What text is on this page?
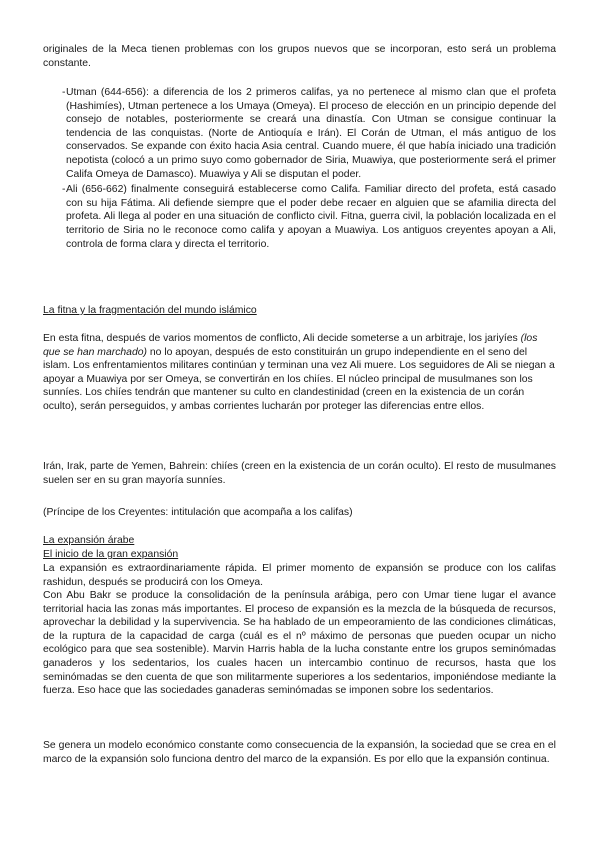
originales de la Meca tienen problemas con los grupos nuevos que se incorporan, esto será un problema constante.

- Utman (644-656): a diferencia de los 2 primeros califas, ya no pertenece al mismo clan que el profeta (Hashimíes), Utman pertenece a los Umaya (Omeya). El proceso de elección en un principio depende del consejo de notables, posteriormente se creará una dinastía. Con Utman se consigue continuar la tendencia de las conquistas. (Norte de Antioquía e Irán). El Corán de Utman, el más antiguo de los conservados. Se expande con éxito hacia Asia central. Cuando muere, él que había iniciado una tradición nepotista (colocó a un primo suyo como gobernador de Siria, Muawiya, que posteriormente será el primer Califa Omeya de Damasco). Muawiya y Ali se disputan el poder.
- Ali (656-662) finalmente conseguirá establecerse como Califa. Familiar directo del profeta, está casado con su hija Fátima. Ali defiende siempre que el poder debe recaer en alguien que se afamilia directa del profeta. Ali llega al poder en una situación de conflicto civil. Fitna, guerra civil, la población localizada en el territorio de Siria no le reconoce como califa y apoyan a Muawiya. Los antiguos creyentes apoyan a Ali, controla de forma clara y directa el territorio.

La fitna y la fragmentación del mundo islámico

En esta fitna, después de varios momentos de conflicto, Ali decide someterse a un arbitraje, los jariyíes (los que se han marchado) no lo apoyan, después de esto constituirán un grupo independiente en el seno del islam. Los enfrentamientos militares continúan y terminan una vez Ali muere. Los seguidores de Ali se niegan a apoyar a Muawiya por ser Omeya, se convertirán en los chiíes. El núcleo principal de musulmanes son los sunníes. Los chiíes tendrán que mantener su culto en clandestinidad (creen en la existencia de un corán oculto), serán perseguidos, y ambas corrientes lucharán por proteger las diferencias entre ellos.

Irán, Irak, parte de Yemen, Bahrein: chiíes (creen en la existencia de un corán oculto). El resto de musulmanes suelen ser en su gran mayoría sunníes.

(Príncipe de los Creyentes: intitulación que acompaña a los califas)

La expansión árabe

El inicio de la gran expansión

La expansión es extraordinariamente rápida. El primer momento de expansión se produce con los califas rashidun, después se producirá con los Omeya.

Con Abu Bakr se produce la consolidación de la península arábiga, pero con Umar tiene lugar el avance territorial hacia las zonas más importantes. El proceso de expansión es la mezcla de la búsqueda de recursos, aprovechar la debilidad y la supervivencia. Se ha hablado de un empeoramiento de las condiciones climáticas, de la ruptura de la capacidad de carga (cuál es el nº máximo de personas que pueden ocupar un nicho ecológico para que sea sostenible). Marvin Harris habla de la lucha constante entre los grupos seminómadas ganaderos y los sedentarios, los cuales hacen un intercambio continuo de recursos, hasta que los seminómadas se den cuenta de que son militarmente superiores a los sedentarios, imponiéndose mediante la fuerza. Eso hace que las sociedades ganaderas seminómadas se imponen sobre los sedentarios.

Se genera un modelo económico constante como consecuencia de la expansión, la sociedad que se crea en el marco de la expansión solo funciona dentro del marco de la expansión. Es por ello que la expansión continua.
